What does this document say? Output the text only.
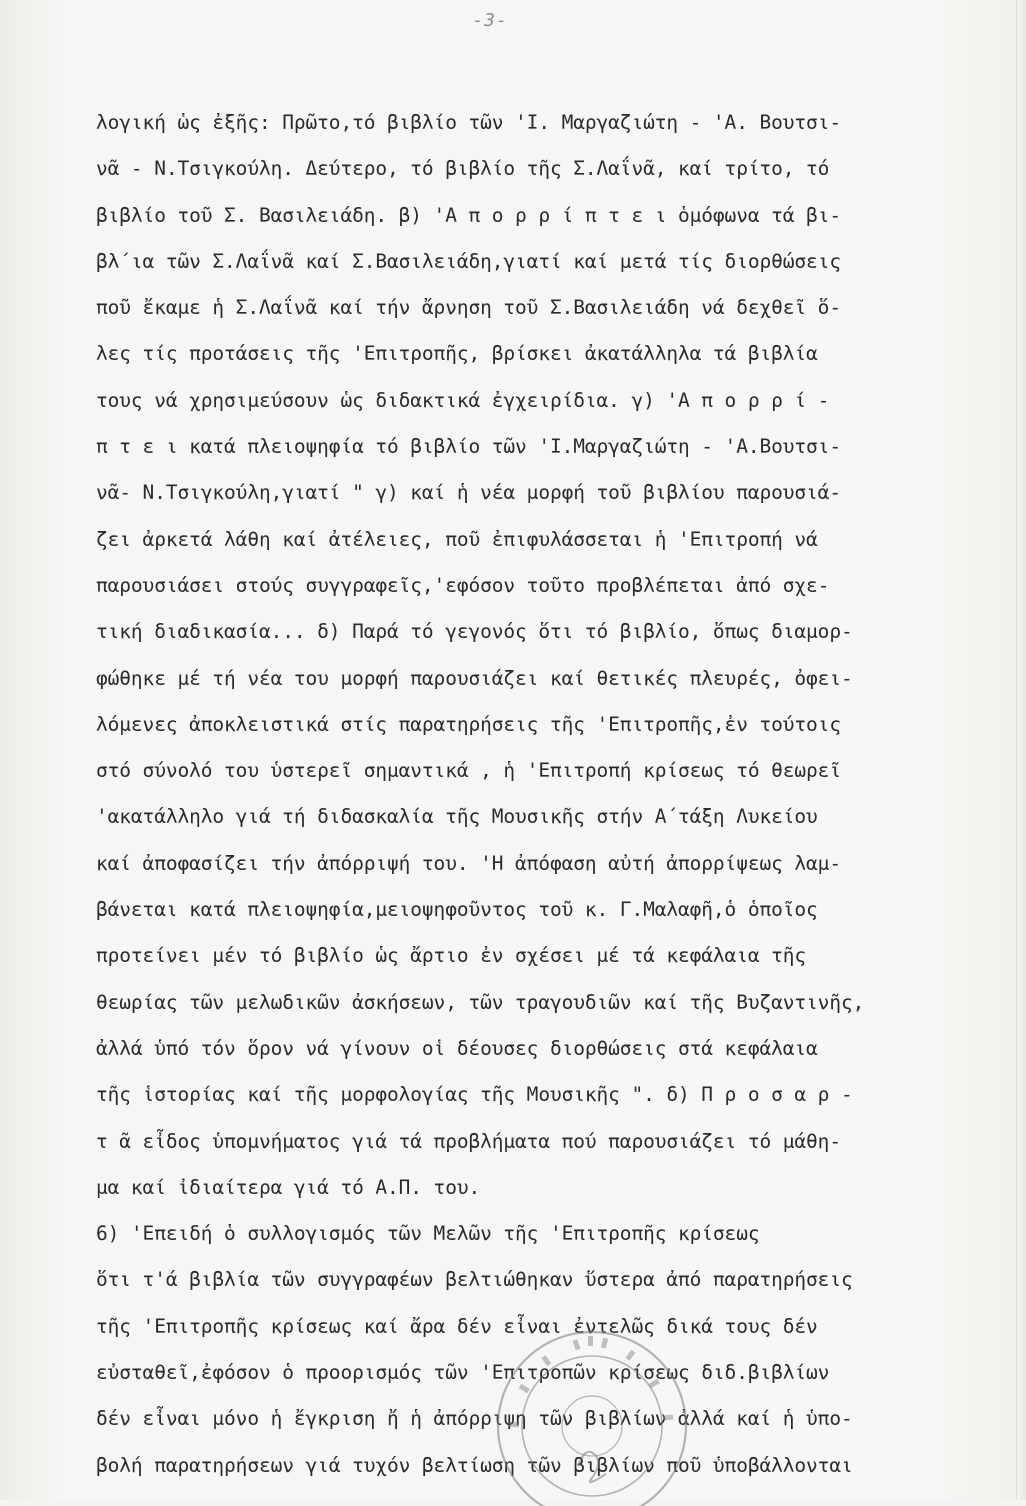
-3-
λογική ὡς ἐξῆς: Πρῶτο,τό βιβλίο τῶν 'Ι. Μαργαζιώτη - 'Α. Βουτσι-
νᾶ - Ν.Τσιγκούλη. Δεύτερο, τό βιβλίο τῆς Σ.Λαΐνᾶ, καί τρίτο, τό
βιβλίο τοῦ Σ. Βασιλειάδη. β) 'Α π ο ρ ρ ί π τ ε ι ὁμόφωνα τά βι-
βλ΄ια τῶν Σ.Λαΐνᾶ καί Σ.Βασιλειάδη,γιατί καί μετά τίς διορθώσεις
ποῦ ἔκαμε ἡ Σ.Λαΐνᾶ καί τήν ἄρνηση τοῦ Σ.Βασιλειάδη νά δεχθεῖ ὅ-
λες τίς προτάσεις τῆς 'Επιτροπῆς, βρίσκει ἀκατάλληλα τά βιβλία
τους νά χρησιμεύσουν ὡς διδακτικά ἐγχειρίδια. γ) 'Α π ο ρ ρ ί -
π τ ε ι κατά πλειοψηφία τό βιβλίο τῶν 'Ι.Μαργαζιώτη - 'Α.Βουτσι-
νᾶ- Ν.Τσιγκούλη,γιατί " γ) καί ἡ νέα μορφή τοῦ βιβλίου παρουσιά-
ζει ἀρκετά λάθη καί ἀτέλειες, ποῦ ἐπιφυλάσσεται ἡ 'Επιτροπή νά
παρουσιάσει στούς συγγραφεῖς,'εφόσον τοῦτο προβλέπεται ἀπό σχε-
τική διαδικασία... δ) Παρά τό γεγονός ὅτι τό βιβλίο, ὅπως διαμορ-
φώθηκε μέ τή νέα του μορφή παρουσιάζει καί θετικές πλευρές, ὀφει-
λόμενες ἀποκλειστικά στίς παρατηρήσεις τῆς 'Επιτροπῆς,ἐν τούτοις
στό σύνολό του ὑστερεῖ σημαντικά , ἡ 'Επιτροπή κρίσεως τό θεωρεῖ
'ακατάλληλο γιά τή διδασκαλία τῆς Μουσικῆς στήν Α΄τάξη Λυκείου
καί ἀποφασίζει τήν ἀπόρριψή του. 'Η ἀπόφαση αὐτή ἀπορρίψεως λαμ-
βάνεται κατά πλειοψηφία,μειοψηφοῦντος τοῦ κ. Γ.Μαλαφῆ,ὁ ὁποῖος
προτείνει μέν τό βιβλίο ὡς ἄρτιο ἐν σχέσει μέ τά κεφάλαια τῆς
θεωρίας τῶν μελωδικῶν ἀσκήσεων, τῶν τραγουδιῶν καί τῆς Βυζαντινῆς,
ἀλλά ὑπό τόν ὅρον νά γίνουν οἱ δέουσες διορθώσεις στά κεφάλαια
τῆς ἱστορίας καί τῆς μορφολογίας τῆς Μουσικῆς ". δ) Π ρ ο σ α ρ -
τ ᾶ εἶδος ὑπομνήματος γιά τά προβλήματα πού παρουσιάζει τό μάθη-
μα καί ἰδιαίτερα γιά τό Α.Π. του.
6) 'Επειδή ὁ συλλογισμός τῶν Μελῶν τῆς 'Επιτροπῆς κρίσεως
ὅτι τ'ά βιβλία τῶν συγγραφέων βελτιώθηκαν ὕστερα ἀπό παρατηρήσεις
τῆς 'Επιτροπῆς κρίσεως καί ἄρα δέν εἶναι ἐντελῶς δικά τους δέν
εὐσταθεῖ,ἐφόσον ὁ προορισμός τῶν 'Επιτροπῶν κρίσεως διδ.βιβλίων
δέν εἶναι μόνο ἡ ἔγκριση ἤ ἡ ἀπόρριψη τῶν βιβλίων ἀλλά καί ἡ ὑπο-
βολή παρατηρήσεων γιά τυχόν βελτίωση τῶν βιβλίων ποῦ ὑποβάλλονται
